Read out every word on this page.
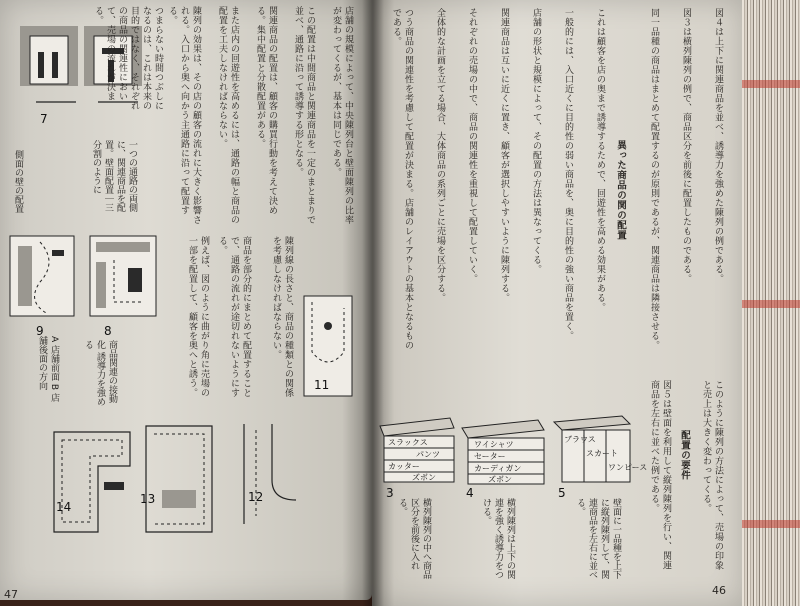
7
9	8
11
14
13	12
つまらない時間つぶしになるのは、これは本来の目的ではなく、それぞれの商品の関連性において、売場の流れが決まる。	陳列の効果は、その店の顧客の流れに大きく影響される。入口から奥へ向かう主通路に沿って配置する。	また店内の回遊性を高めるには、通路の幅と商品の配置を工夫しなければならない。	関連商品の配置は、顧客の購買行動を考えて決める。集中配置と分散配置がある。	この配置は中間商品と関連商品を一定のまとまりで並べ、通路に沿って誘導する形となる。	店舗の規模によって、中央陳列台と壁面陳列の比率が変わってくるが、基本は同じである。
例えば、図のように曲がり角に売場の一部を配置して、顧客を奥へと誘う。	商品を部分的にまとめて配置することで、通路の流れが途切れないようにする。	陳列線の長さと、商品の種類との関係を考慮しなければならない。
側面の壁の配置	一つの通路の両側に、関連商品を配置。壁面配置｜三分割のように
A 店舗前面 B 店舗後面の方向	商品関連の接動化 誘導力を強める
47
つう商品の関連性を考慮して配置が決まる。店舗のレイアウトの基本となるものである。	全体的な計画を立てる場合、大体商品の系列ごとに売場を区分する。	それぞれの売場の中で、商品の関連性を重視して配置していく。	関連商品は互いに近くに置き、顧客が選択しやすいように陳列する。	店舗の形状と規模によって、その配置の方法は異なってくる。	一般的には、入口近くに目的性の弱い商品を、奥に目的性の強い商品を置く。	これは顧客を店の奥まで誘導するためで、回遊性を高める効果がある。	異った商品の関の配置	同一品種の商品はまとめて配置するのが原則であるが、関連商品は隣接させる。	図３は横列陳列の例で、商品区分を前後に配置したものである。	図４は上下に関連商品を並べ、誘導力を強めた陳列の例である。
スラックス
パンツ
カッター
ズボン
3
ワイシャツ
セーター
カーディガン
ズボン
4
ブラウス
スカート
ワンピース
5	図５は壁面を利用して縦列陳列を行い、関連商品を左右に並べた例である。	配置の要件	このように陳列の方法によって、売場の印象と売上は大きく変わってくる。
横列陳列の中へ商品区分を前後に入れる。	横列陳列は上下の関連を強く誘導力をつける。	壁面に一品種を上下に縦列陳列して、関連商品を左右に並べる。
46
